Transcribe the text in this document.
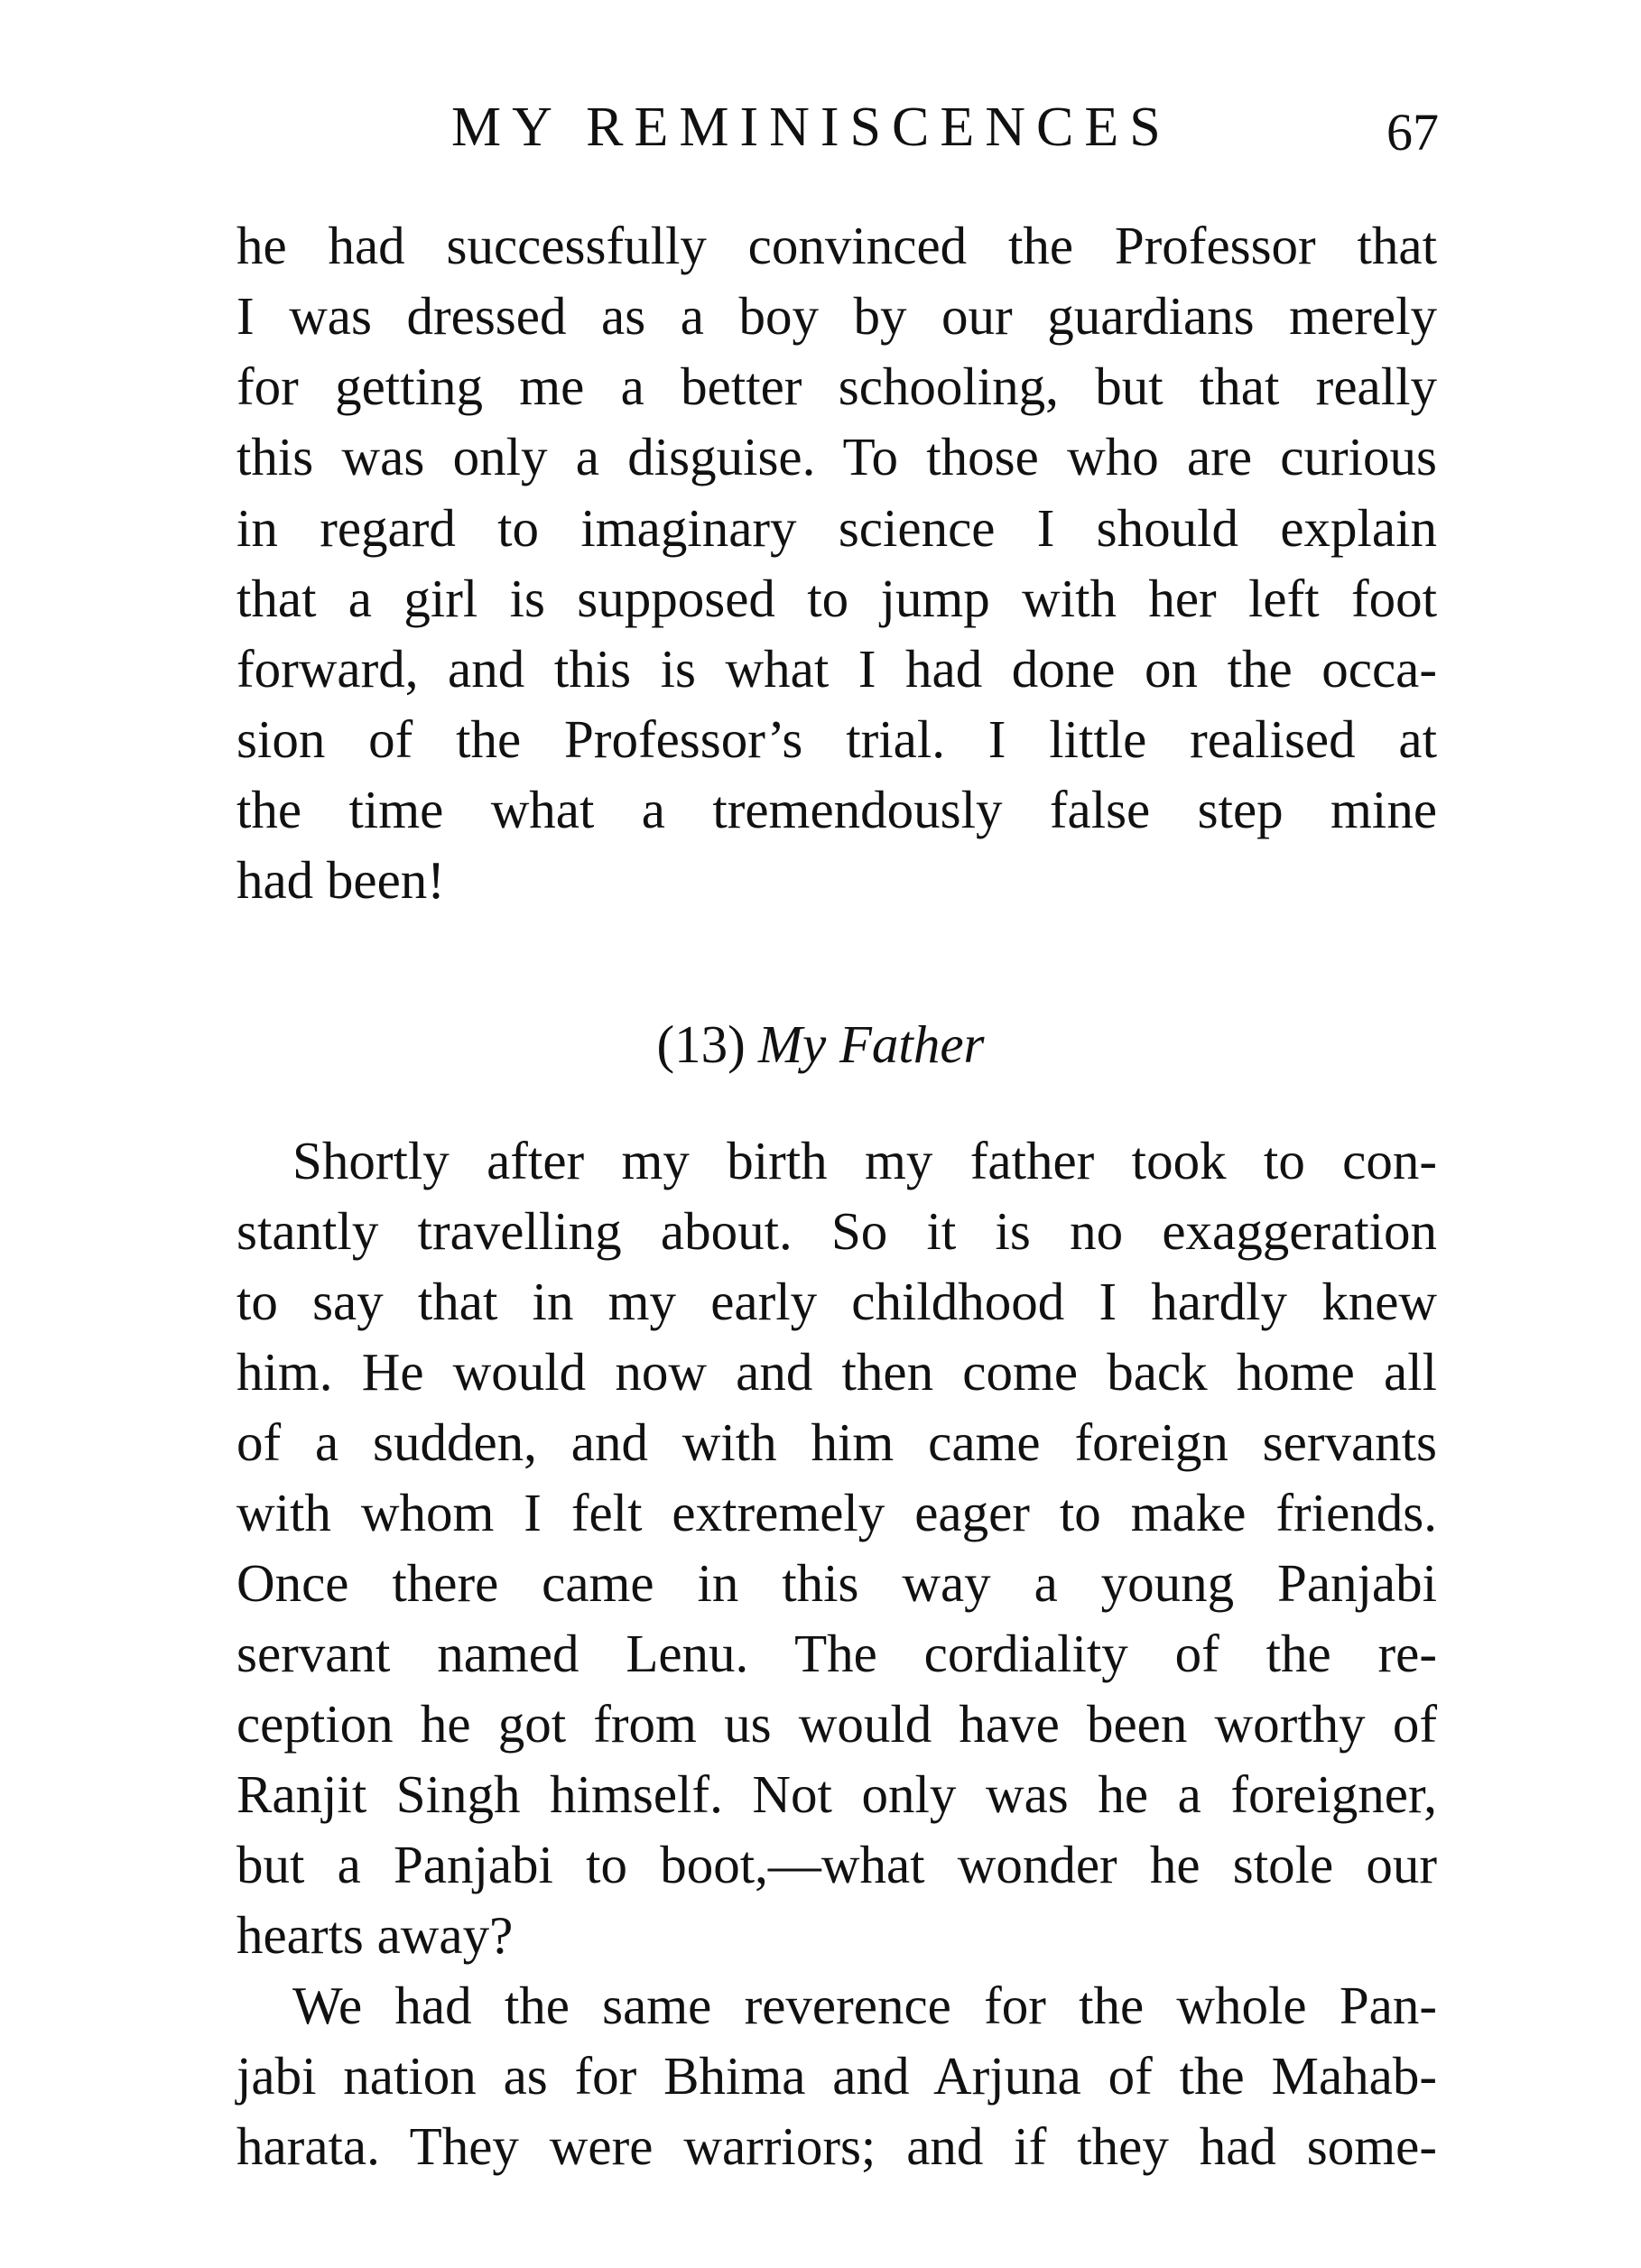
MY REMINISCENCES	67
he had successfully convinced the Professor that
I was dressed as a boy by our guardians merely
for getting me a better schooling, but that really
this was only a disguise. To those who are curious
in regard to imaginary science I should explain
that a girl is supposed to jump with her left foot
forward, and this is what I had done on the occa-
sion of the Professor’s trial. I little realised at
the time what a tremendously false step mine
had been!
(13) My Father
Shortly after my birth my father took to con-
stantly travelling about. So it is no exaggeration
to say that in my early childhood I hardly knew
him. He would now and then come back home all
of a sudden, and with him came foreign servants
with whom I felt extremely eager to make friends.
Once there came in this way a young Panjabi
servant named Lenu. The cordiality of the re-
ception he got from us would have been worthy of
Ranjit Singh himself. Not only was he a foreigner,
but a Panjabi to boot,—what wonder he stole our
hearts away?
We had the same reverence for the whole Pan-
jabi nation as for Bhima and Arjuna of the Mahab-
harata. They were warriors; and if they had some-
